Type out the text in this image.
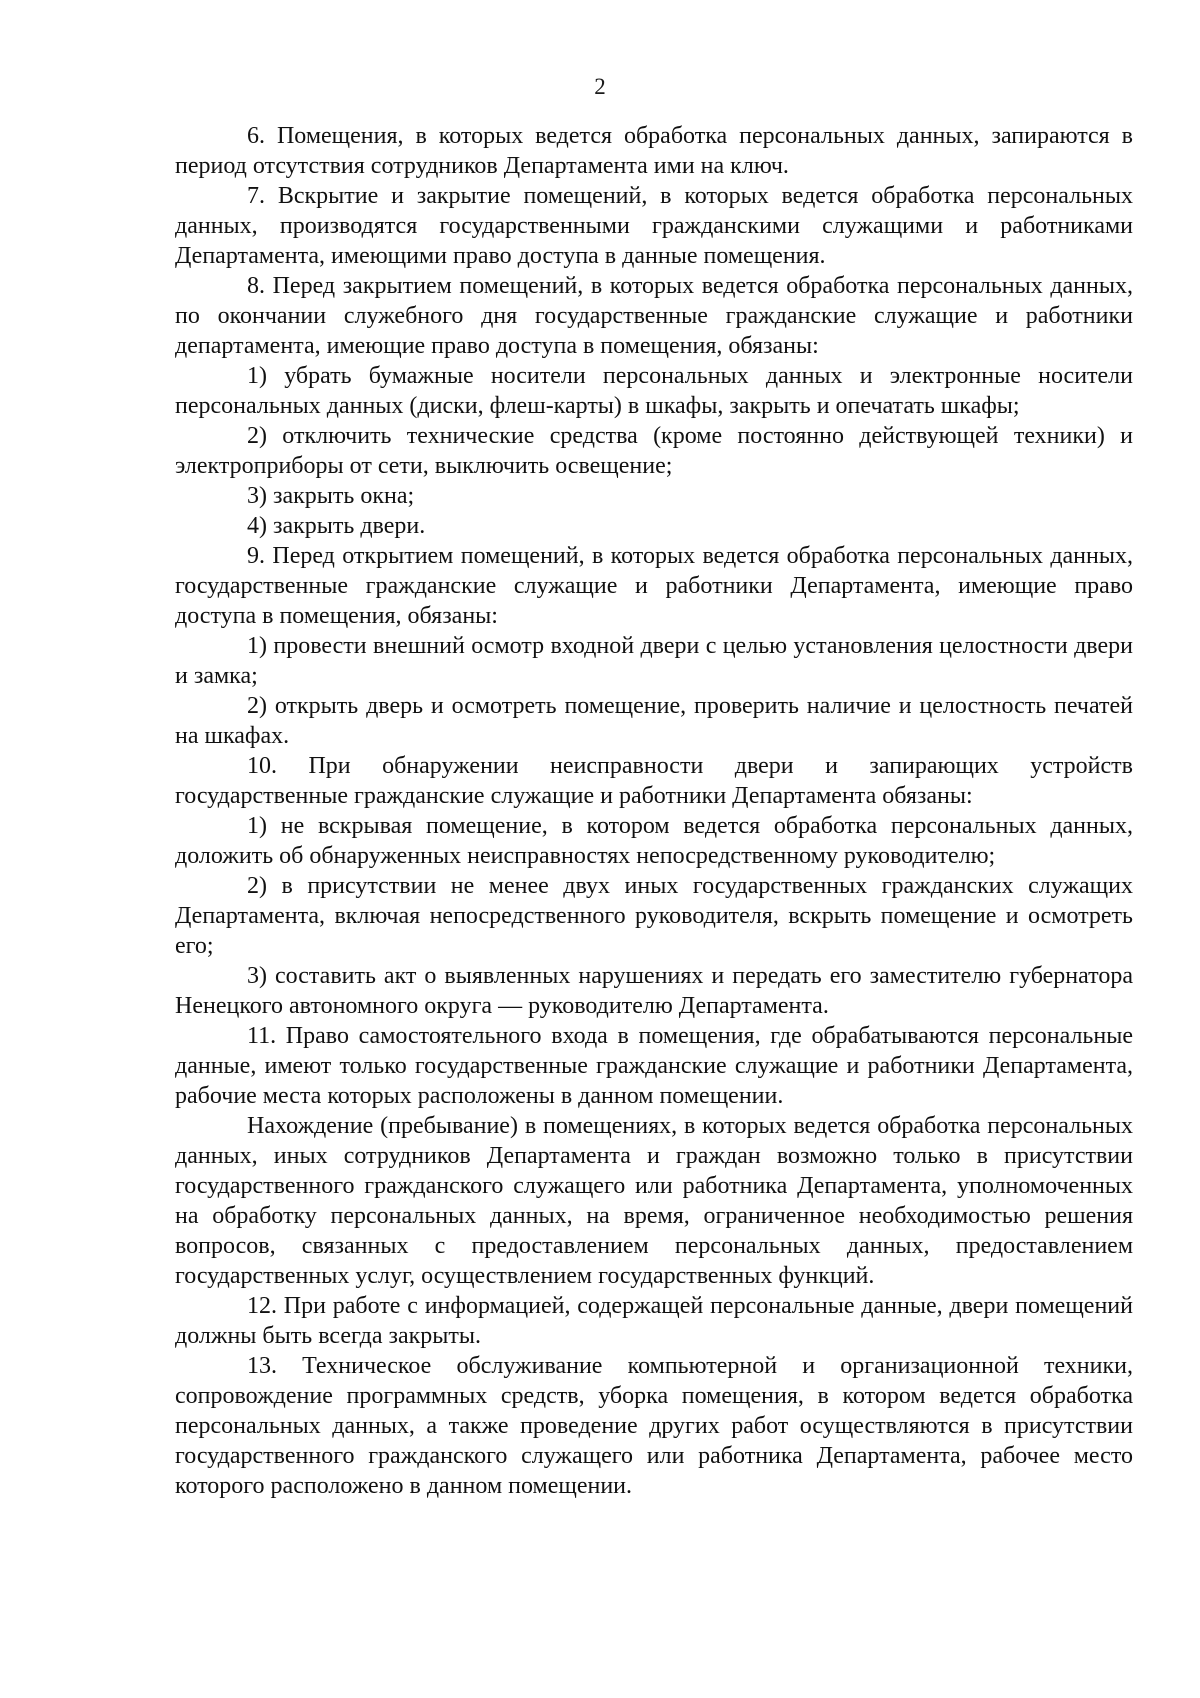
2

6. Помещения, в которых ведется обработка персональных данных, запираются в период отсутствия сотрудников Департамента ими на ключ.

7. Вскрытие и закрытие помещений, в которых ведется обработка персональных данных, производятся государственными гражданскими служащими и работниками Департамента, имеющими право доступа в данные помещения.

8. Перед закрытием помещений, в которых ведется обработка персональных данных, по окончании служебного дня государственные гражданские служащие и работники департамента, имеющие право доступа в помещения, обязаны:

1) убрать бумажные носители персональных данных и электронные носители персональных данных (диски, флеш-карты) в шкафы, закрыть и опечатать шкафы;

2) отключить технические средства (кроме постоянно действующей техники) и электроприборы от сети, выключить освещение;

3) закрыть окна;

4) закрыть двери.

9. Перед открытием помещений, в которых ведется обработка персональных данных, государственные гражданские служащие и работники Департамента, имеющие право доступа в помещения, обязаны:

1) провести внешний осмотр входной двери с целью установления целостности двери и замка;

2) открыть дверь и осмотреть помещение, проверить наличие и целостность печатей на шкафах.

10. При обнаружении неисправности двери и запирающих устройств государственные гражданские служащие и работники Департамента обязаны:

1) не вскрывая помещение, в котором ведется обработка персональных данных, доложить об обнаруженных неисправностях непосредственному руководителю;

2) в присутствии не менее двух иных государственных гражданских служащих Департамента, включая непосредственного руководителя, вскрыть помещение и осмотреть его;

3) составить акт о выявленных нарушениях и передать его заместителю губернатора Ненецкого автономного округа — руководителю Департамента.

11. Право самостоятельного входа в помещения, где обрабатываются персональные данные, имеют только государственные гражданские служащие и работники Департамента, рабочие места которых расположены в данном помещении.

Нахождение (пребывание) в помещениях, в которых ведется обработка персональных данных, иных сотрудников Департамента и граждан возможно только в присутствии государственного гражданского служащего или работника Департамента, уполномоченных на обработку персональных данных, на время, ограниченное необходимостью решения вопросов, связанных с предоставлением персональных данных, предоставлением государственных услуг, осуществлением государственных функций.

12. При работе с информацией, содержащей персональные данные, двери помещений должны быть всегда закрыты.

13. Техническое обслуживание компьютерной и организационной техники, сопровождение программных средств, уборка помещения, в котором ведется обработка персональных данных, а также проведение других работ осуществляются в присутствии государственного гражданского служащего или работника Департамента, рабочее место которого расположено в данном помещении.
